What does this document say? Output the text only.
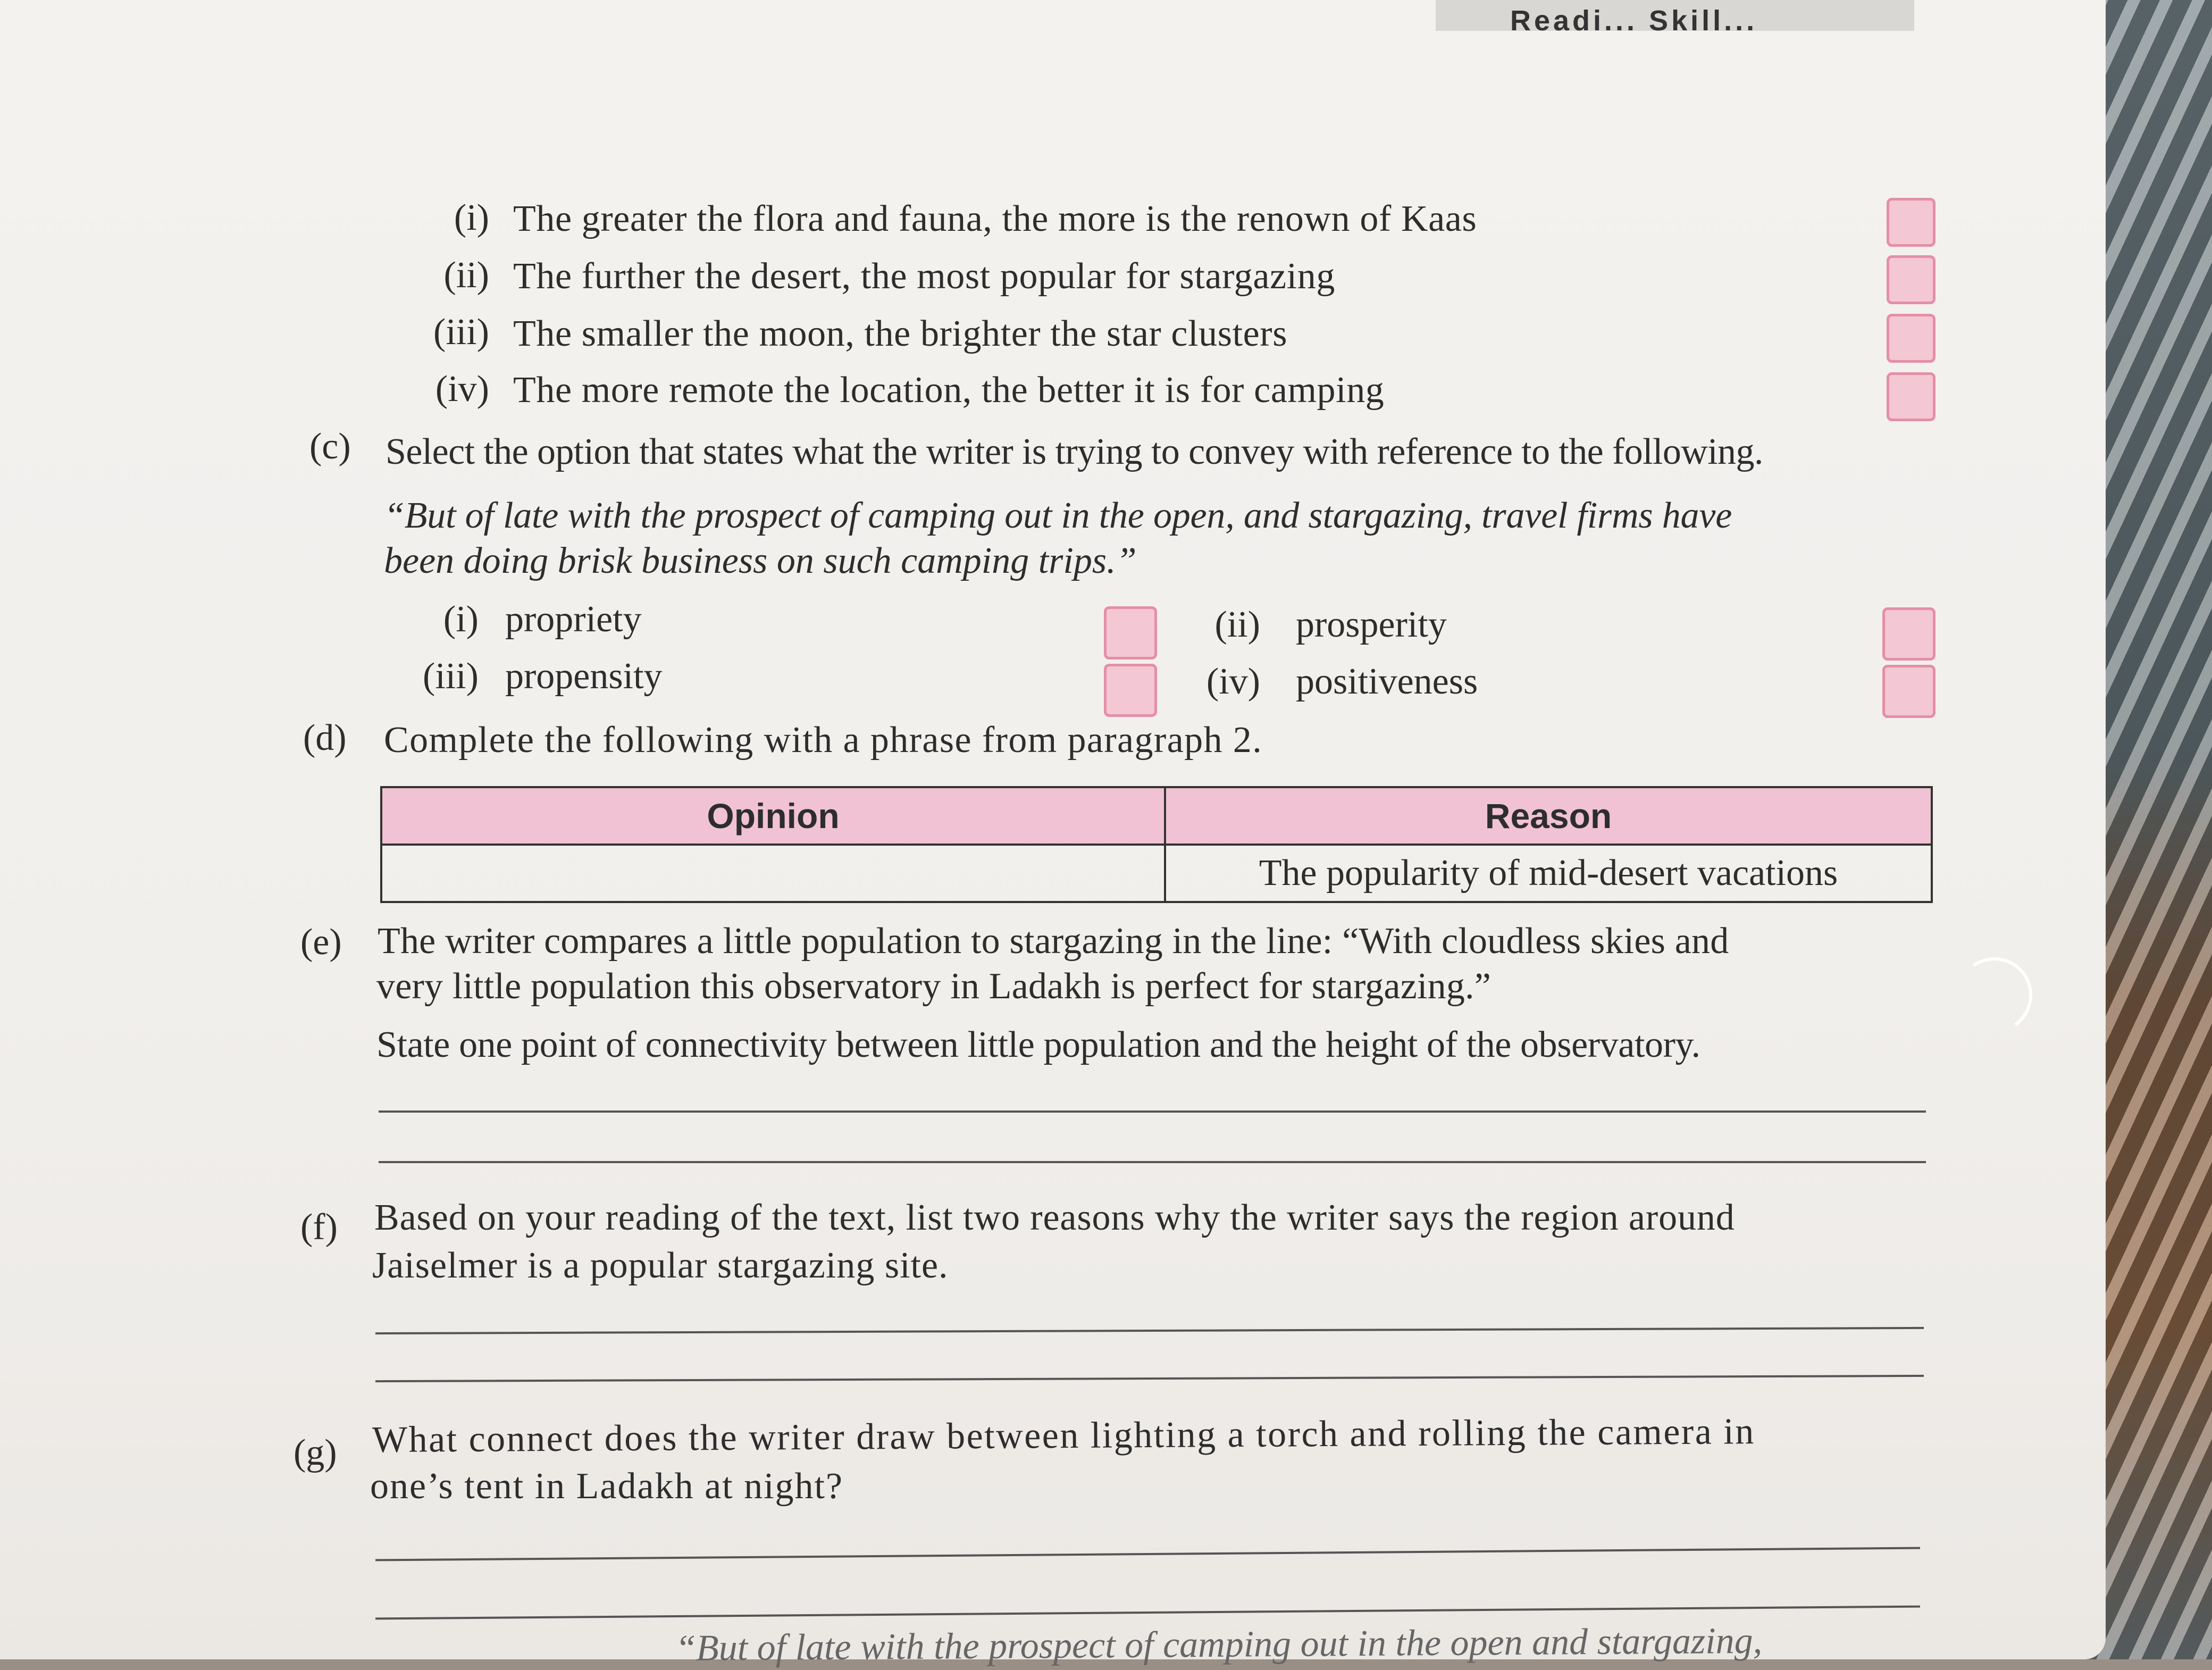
Readi... Skill...
(i) The greater the flora and fauna, the more is the renown of Kaas
(ii) The further the desert, the most popular for stargazing
(iii) The smaller the moon, the brighter the star clusters
(iv) The more remote the location, the better it is for camping
(c) Select the option that states what the writer is trying to convey with reference to the following.
“But of late with the prospect of camping out in the open, and stargazing, travel firms have
been doing brisk business on such camping trips.”
(i) propriety	(ii) prosperity
(iii) propensity	(iv) positiveness
(d) Complete the following with a phrase from paragraph 2.
Opinion	Reason
	The popularity of mid-desert vacations
(e) The writer compares a little population to stargazing in the line: “With cloudless skies and
very little population this observatory in Ladakh is perfect for stargazing.”
State one point of connectivity between little population and the height of the observatory.
(f) Based on your reading of the text, list two reasons why the writer says the region around
Jaiselmer is a popular stargazing site.
(g) What connect does the writer draw between lighting a torch and rolling the camera in
one’s tent in Ladakh at night?
“But of late with the prospect of camping out in the open and stargazing,
